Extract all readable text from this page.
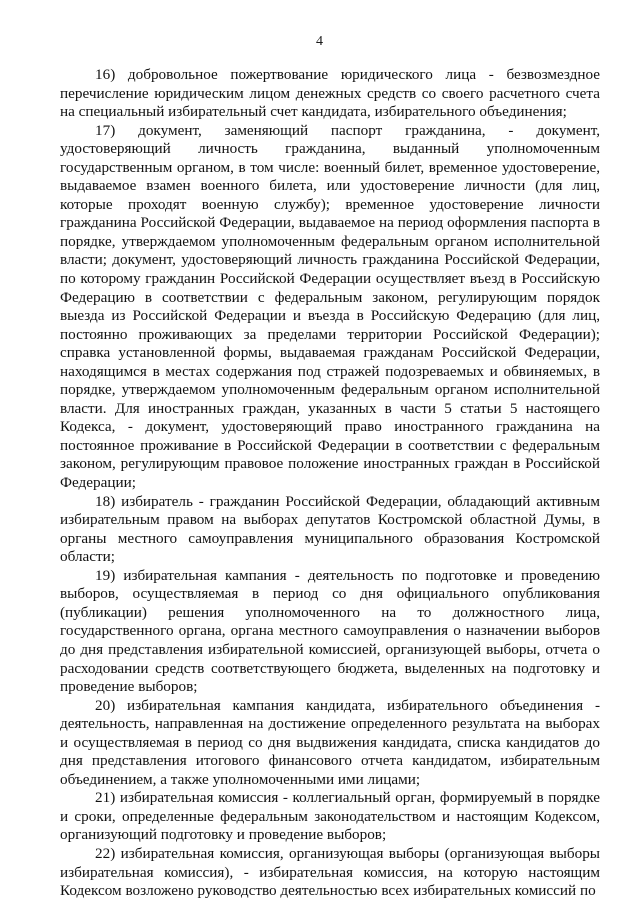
4

16) добровольное пожертвование юридического лица - безвозмездное перечисление юридическим лицом денежных средств со своего расчетного счета на специальный избирательный счет кандидата, избирательного объединения;

17) документ, заменяющий паспорт гражданина, - документ, удостоверяющий личность гражданина, выданный уполномоченным государственным органом, в том числе: военный билет, временное удостоверение, выдаваемое взамен военного билета, или удостоверение личности (для лиц, которые проходят военную службу); временное удостоверение личности гражданина Российской Федерации, выдаваемое на период оформления паспорта в порядке, утверждаемом уполномоченным федеральным органом исполнительной власти; документ, удостоверяющий личность гражданина Российской Федерации, по которому гражданин Российской Федерации осуществляет въезд в Российскую Федерацию в соответствии с федеральным законом, регулирующим порядок выезда из Российской Федерации и въезда в Российскую Федерацию (для лиц, постоянно проживающих за пределами территории Российской Федерации); справка установленной формы, выдаваемая гражданам Российской Федерации, находящимся в местах содержания под стражей подозреваемых и обвиняемых, в порядке, утверждаемом уполномоченным федеральным органом исполнительной власти. Для иностранных граждан, указанных в части 5 статьи 5 настоящего Кодекса, - документ, удостоверяющий право иностранного гражданина на постоянное проживание в Российской Федерации в соответствии с федеральным законом, регулирующим правовое положение иностранных граждан в Российской Федерации;

18) избиратель - гражданин Российской Федерации, обладающий активным избирательным правом на выборах депутатов Костромской областной Думы, в органы местного самоуправления муниципального образования Костромской области;

19) избирательная кампания - деятельность по подготовке и проведению выборов, осуществляемая в период со дня официального опубликования (публикации) решения уполномоченного на то должностного лица, государственного органа, органа местного самоуправления о назначении выборов до дня представления избирательной комиссией, организующей выборы, отчета о расходовании средств соответствующего бюджета, выделенных на подготовку и проведение выборов;

20) избирательная кампания кандидата, избирательного объединения - деятельность, направленная на достижение определенного результата на выборах и осуществляемая в период со дня выдвижения кандидата, списка кандидатов до дня представления итогового финансового отчета кандидатом, избирательным объединением, а также уполномоченными ими лицами;

21) избирательная комиссия - коллегиальный орган, формируемый в порядке и сроки, определенные федеральным законодательством и настоящим Кодексом, организующий подготовку и проведение выборов;

22) избирательная комиссия, организующая выборы (организующая выборы избирательная комиссия), - избирательная комиссия, на которую настоящим Кодексом возложено руководство деятельностью всех избирательных комиссий по
